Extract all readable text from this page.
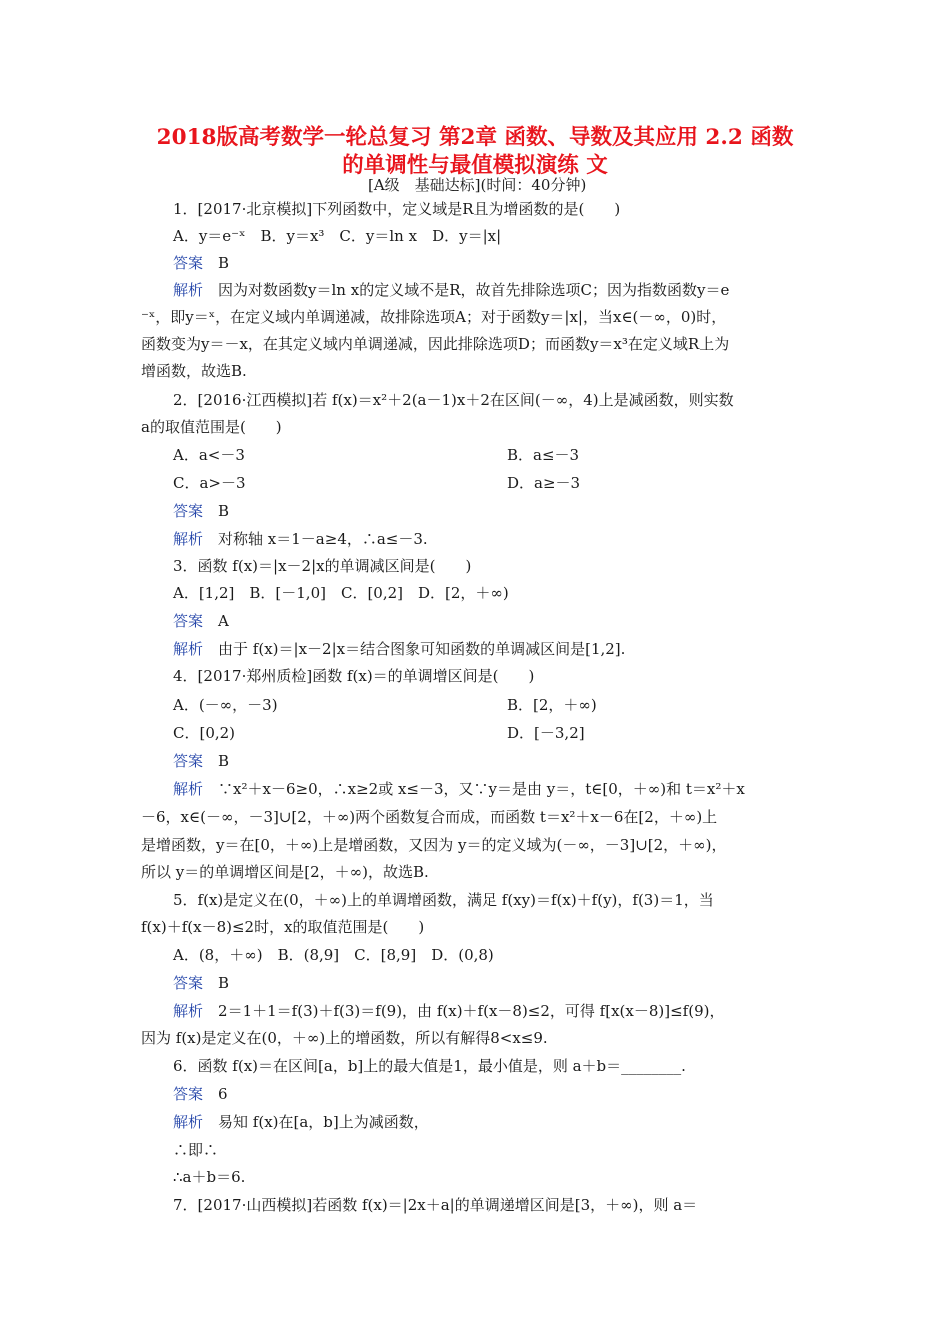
2018版高考数学一轮总复习 第2章 函数、导数及其应用 2.2 函数
的单调性与最值模拟演练 文
[A级　基础达标](时间：40分钟)
1．[2017·北京模拟]下列函数中，定义域是R且为增函数的是(　　)
A．y＝e⁻ˣ　B．y＝x³　C．y＝ln x　D．y＝|x|
答案　 B
解析　 因为对数函数y＝ln x的定义域不是R，故首先排除选项C；因为指数函数y＝e
⁻ˣ，即y＝ˣ，在定义域内单调递减，故排除选项A；对于函数y＝|x|，当x∈(－∞，0)时，
函数变为y＝－x，在其定义域内单调递减，因此排除选项D；而函数y＝x³在定义域R上为
增函数，故选B.
2．[2016·江西模拟]若 f(x)＝x²＋2(a－1)x＋2在区间(－∞，4)上是减函数，则实数
a的取值范围是(　　)
A．a<－3	B．a≤－3
C．a>－3	D．a≥－3
答案　 B
解析　 对称轴 x＝1－a≥4，∴a≤－3.
3．函数 f(x)＝|x－2|x的单调减区间是(　　)
A．[1,2]　B．[－1,0]　C．[0,2]　D．[2，＋∞)
答案　 A
解析　 由于 f(x)＝|x－2|x＝结合图象可知函数的单调减区间是[1,2].
4．[2017·郑州质检]函数 f(x)＝的单调增区间是(　　)
A．(－∞，－3)	B．[2，＋∞)
C．[0,2)	D．[－3,2]
答案　 B
解析　 ∵x²＋x－6≥0，∴x≥2或 x≤－3，又∵y＝是由 y＝，t∈[0，＋∞)和 t＝x²＋x
－6，x∈(－∞，－3]∪[2，＋∞)两个函数复合而成，而函数 t＝x²＋x－6在[2，＋∞)上
是增函数，y＝在[0，＋∞)上是增函数，又因为 y＝的定义域为(－∞，－3]∪[2，＋∞)，
所以 y＝的单调增区间是[2，＋∞)，故选B.
5．f(x)是定义在(0，＋∞)上的单调增函数，满足 f(xy)＝f(x)＋f(y)，f(3)＝1，当
f(x)＋f(x－8)≤2时，x的取值范围是(　　)
A．(8，＋∞)　B．(8,9]　C．[8,9]　D．(0,8)
答案　 B
解析　 2＝1＋1＝f(3)＋f(3)＝f(9)，由 f(x)＋f(x－8)≤2，可得 f[x(x－8)]≤f(9)，
因为 f(x)是定义在(0，＋∞)上的增函数，所以有解得8<x≤9.
6．函数 f(x)＝在区间[a，b]上的最大值是1，最小值是，则 a＋b＝________.
答案　 6
解析　 易知 f(x)在[a，b]上为减函数，
∴即∴
∴a＋b＝6.
7．[2017·山西模拟]若函数 f(x)＝|2x＋a|的单调递增区间是[3，＋∞)，则 a＝
